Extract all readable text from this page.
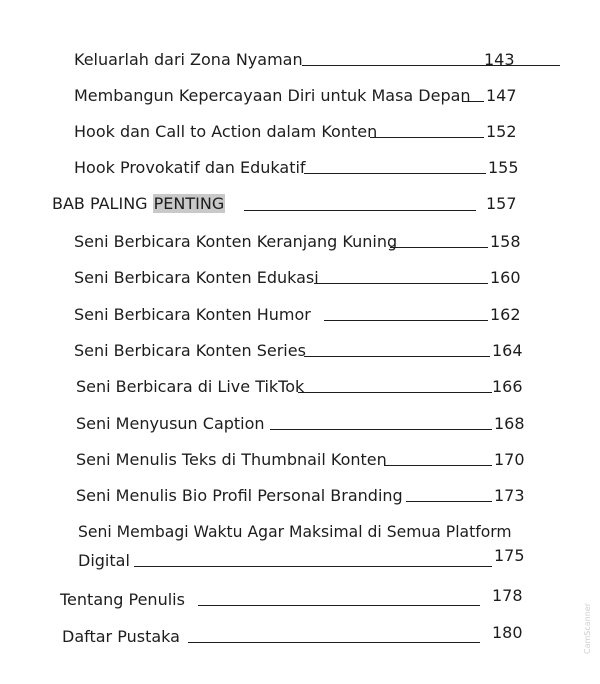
Keluarlah dari Zona Nyaman	143
Membangun Kepercayaan Diri untuk Masa Depan 147
Hook dan Call to Action dalam Konten	152
Hook Provokatif dan Edukatif	155
BAB PALING PENTING	157
Seni Berbicara Konten Keranjang Kuning	158
Seni Berbicara Konten Edukasi	160
Seni Berbicara Konten Humor	162
Seni Berbicara Konten Series	164
Seni Berbicara di Live TikTok	166
Seni Menyusun Caption	168
Seni Menulis Teks di Thumbnail Konten	170
Seni Menulis Bio Profil Personal Branding	173
Seni Membagi Waktu Agar Maksimal di Semua Platform
Digital	175
Tentang Penulis	178
Daftar Pustaka	180	CamScanner
